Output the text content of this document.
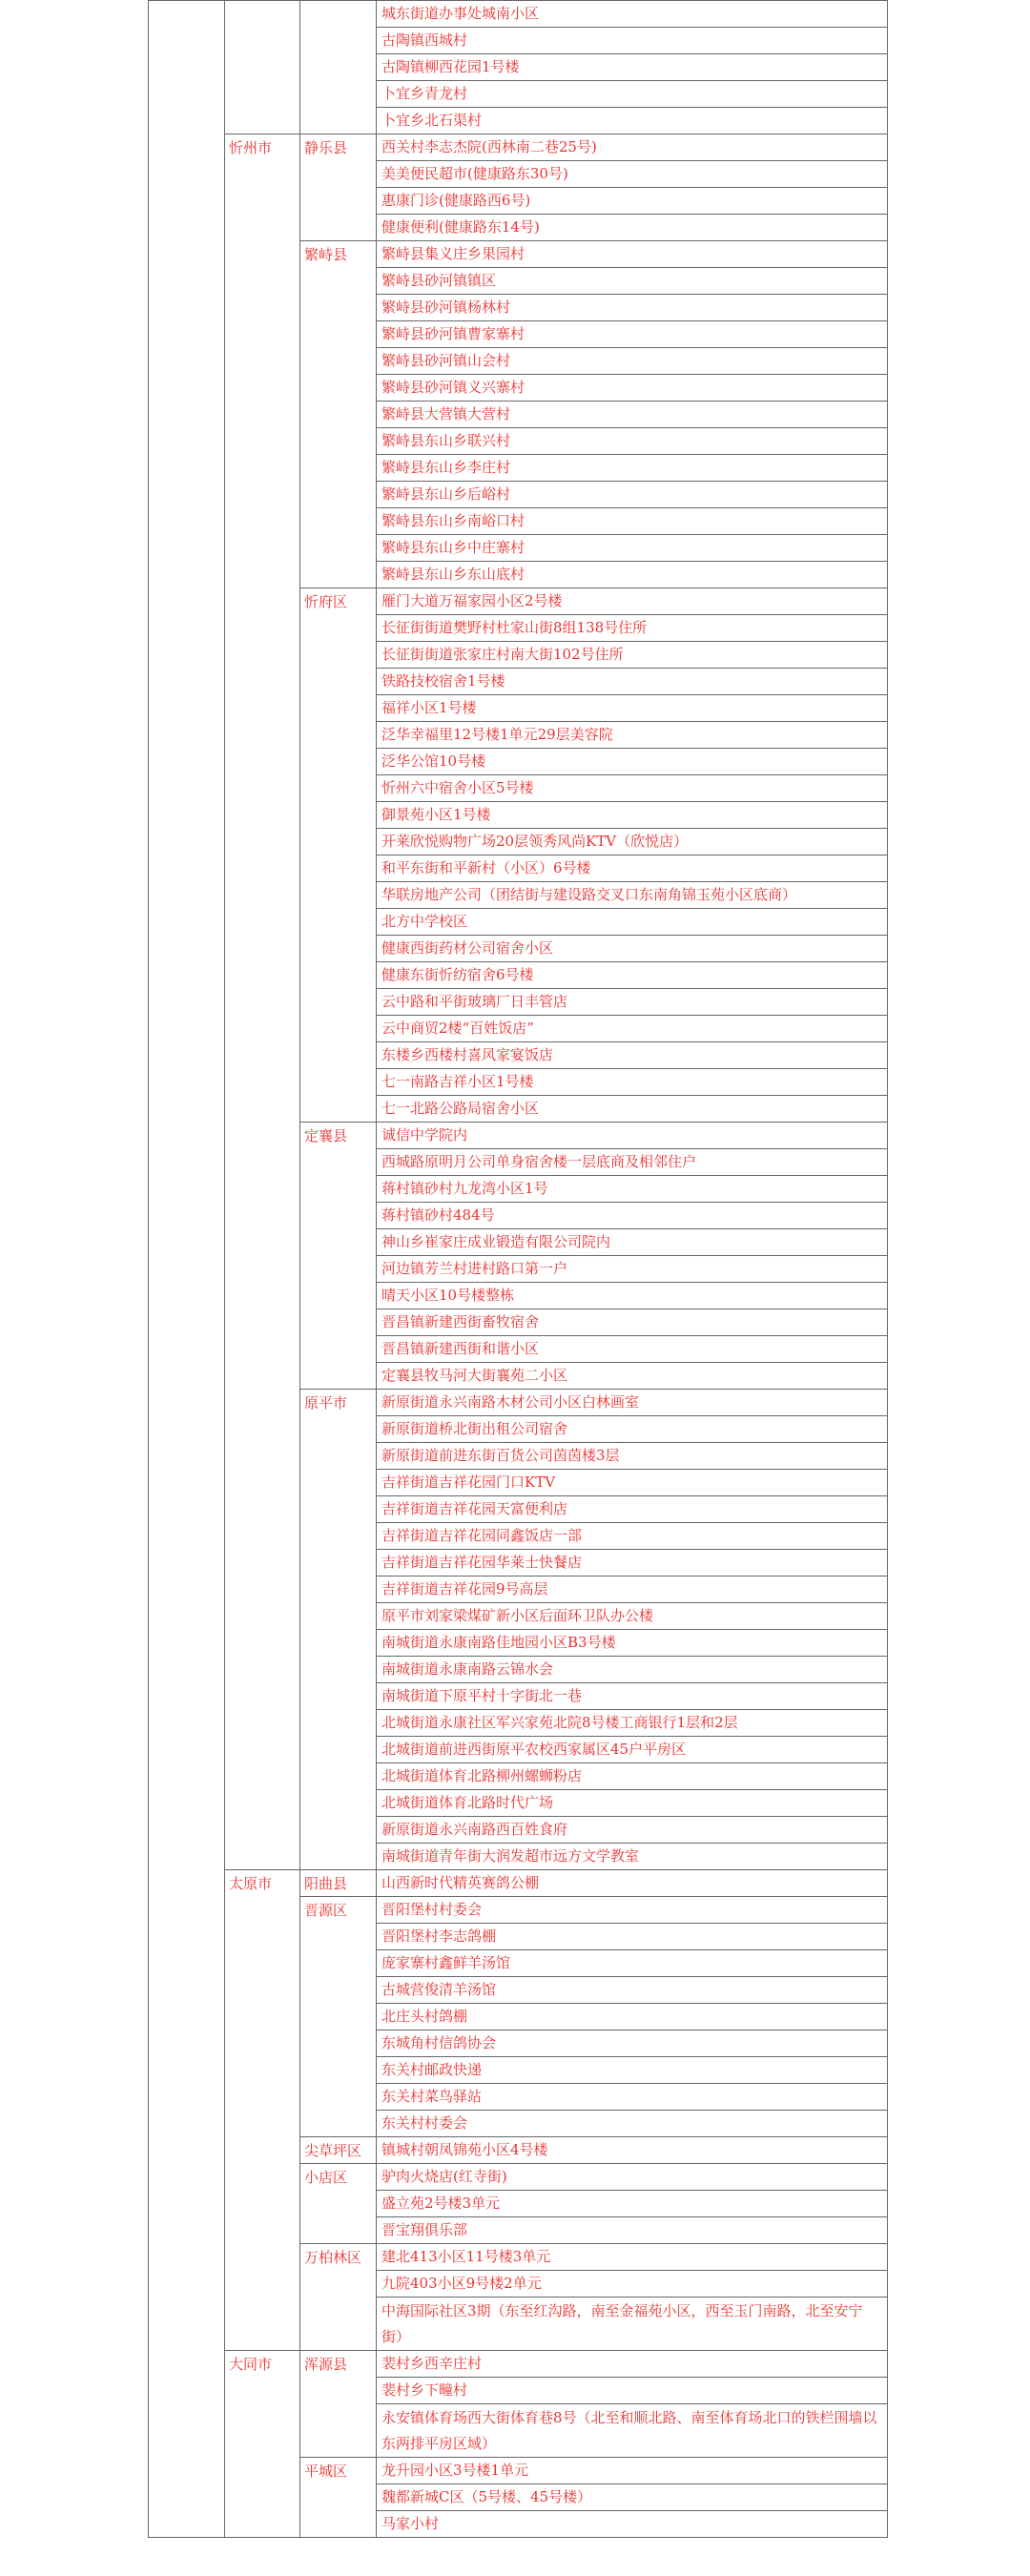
			城东街道办事处城南小区
			古陶镇西城村
			古陶镇柳西花园1号楼
			卜宜乡青龙村
			卜宜乡北石渠村
	忻州市	静乐县	西关村李志杰院(西林南二巷25号)
			美美便民超市(健康路东30号)
			惠康门诊(健康路西6号)
			健康便利(健康路东14号)
		繁峙县	繁峙县集义庄乡果园村
			繁峙县砂河镇镇区
			繁峙县砂河镇杨林村
			繁峙县砂河镇曹家寨村
			繁峙县砂河镇山会村
			繁峙县砂河镇义兴寨村
			繁峙县大营镇大营村
			繁峙县东山乡联兴村
			繁峙县东山乡李庄村
			繁峙县东山乡后峪村
			繁峙县东山乡南峪口村
			繁峙县东山乡中庄寨村
			繁峙县东山乡东山底村
		忻府区	雁门大道万福家园小区2号楼
			长征街街道樊野村杜家山街8组138号住所
			长征街街道张家庄村南大街102号住所
			铁路技校宿舍1号楼
			福祥小区1号楼
			泛华幸福里12号楼1单元29层美容院
			泛华公馆10号楼
			忻州六中宿舍小区5号楼
			御景苑小区1号楼
			开莱欣悦购物广场20层领秀风尚KTV（欣悦店）
			和平东街和平新村（小区）6号楼
			华联房地产公司（团结街与建设路交叉口东南角锦玉苑小区底商）
			北方中学校区
			健康西街药材公司宿舍小区
			健康东街忻纺宿舍6号楼
			云中路和平街玻璃厂日丰管店
			云中商贸2楼“百姓饭店”
			东楼乡西楼村喜风家宴饭店
			七一南路吉祥小区1号楼
			七一北路公路局宿舍小区
		定襄县	诚信中学院内
			西城路原明月公司单身宿舍楼一层底商及相邻住户
			蒋村镇砂村九龙湾小区1号
			蒋村镇砂村484号
			神山乡崔家庄成业锻造有限公司院内
			河边镇芳兰村进村路口第一户
			晴天小区10号楼整栋
			晋昌镇新建西街畜牧宿舍
			晋昌镇新建西街和谐小区
			定襄县牧马河大街襄苑二小区
		原平市	新原街道永兴南路木材公司小区白林画室
			新原街道桥北街出租公司宿舍
			新原街道前进东街百货公司茵茵楼3层
			吉祥街道吉祥花园门口KTV
			吉祥街道吉祥花园天富便利店
			吉祥街道吉祥花园同鑫饭店一部
			吉祥街道吉祥花园华莱士快餐店
			吉祥街道吉祥花园9号高层
			原平市刘家梁煤矿新小区后面环卫队办公楼
			南城街道永康南路佳地园小区B3号楼
			南城街道永康南路云锦水会
			南城街道下原平村十字街北一巷
			北城街道永康社区军兴家苑北院8号楼工商银行1层和2层
			北城街道前进西街原平农校西家属区45户平房区
			北城街道体育北路柳州螺蛳粉店
			北城街道体育北路时代广场
			新原街道永兴南路西百姓食府
			南城街道青年街大润发超市远方文学教室
	太原市	阳曲县	山西新时代精英赛鸽公棚
		晋源区	晋阳堡村村委会
			晋阳堡村李志鸽棚
			庞家寨村鑫鲜羊汤馆
			古城营俊清羊汤馆
			北庄头村鸽棚
			东城角村信鸽协会
			东关村邮政快递
			东关村菜鸟驿站
			东关村村委会
		尖草坪区	镇城村朝凤锦苑小区4号楼
		小店区	驴肉火烧店(红寺街)
			盛立苑2号楼3单元
			晋宝翔俱乐部
		万柏林区	建北413小区11号楼3单元
			九院403小区9号楼2单元
			中海国际社区3期（东至红沟路，南至金福苑小区，西至玉门南路，北至安宁街）
	大同市	浑源县	裴村乡西辛庄村
			裴村乡下疃村
			永安镇体育场西大街体育巷8号（北至和顺北路、南至体育场北口的铁栏围墙以东两排平房区域）
		平城区	龙升园小区3号楼1单元
			魏都新城C区（5号楼、45号楼）
			马家小村
